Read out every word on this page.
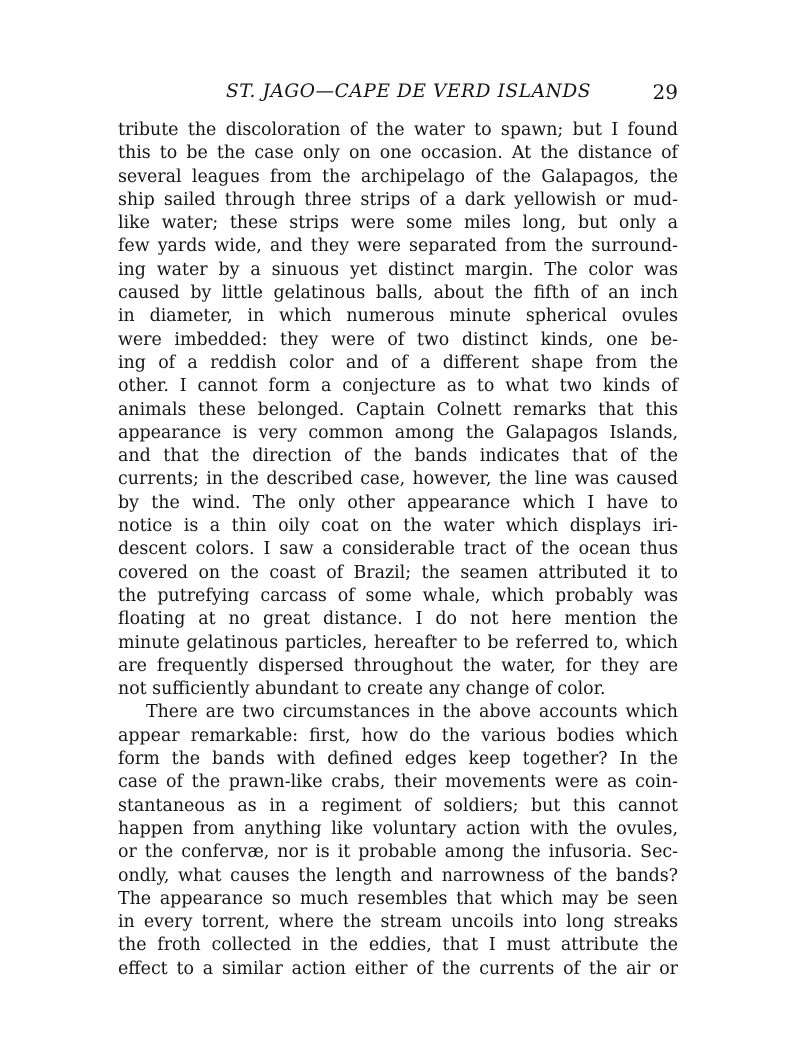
ST. JAGO—CAPE DE VERD ISLANDS	29
tribute the discoloration of the water to spawn; but I found
this to be the case only on one occasion. At the distance of
several leagues from the archipelago of the Galapagos, the
ship sailed through three strips of a dark yellowish or mud-
like water; these strips were some miles long, but only a
few yards wide, and they were separated from the surround-
ing water by a sinuous yet distinct margin. The color was
caused by little gelatinous balls, about the fifth of an inch
in diameter, in which numerous minute spherical ovules
were imbedded: they were of two distinct kinds, one be-
ing of a reddish color and of a different shape from the
other. I cannot form a conjecture as to what two kinds of
animals these belonged. Captain Colnett remarks that this
appearance is very common among the Galapagos Islands,
and that the direction of the bands indicates that of the
currents; in the described case, however, the line was caused
by the wind. The only other appearance which I have to
notice is a thin oily coat on the water which displays iri-
descent colors. I saw a considerable tract of the ocean thus
covered on the coast of Brazil; the seamen attributed it to
the putrefying carcass of some whale, which probably was
floating at no great distance. I do not here mention the
minute gelatinous particles, hereafter to be referred to, which
are frequently dispersed throughout the water, for they are
not sufficiently abundant to create any change of color.
There are two circumstances in the above accounts which
appear remarkable: first, how do the various bodies which
form the bands with defined edges keep together? In the
case of the prawn-like crabs, their movements were as coin-
stantaneous as in a regiment of soldiers; but this cannot
happen from anything like voluntary action with the ovules,
or the confervæ, nor is it probable among the infusoria. Sec-
ondly, what causes the length and narrowness of the bands?
The appearance so much resembles that which may be seen
in every torrent, where the stream uncoils into long streaks
the froth collected in the eddies, that I must attribute the
effect to a similar action either of the currents of the air or
